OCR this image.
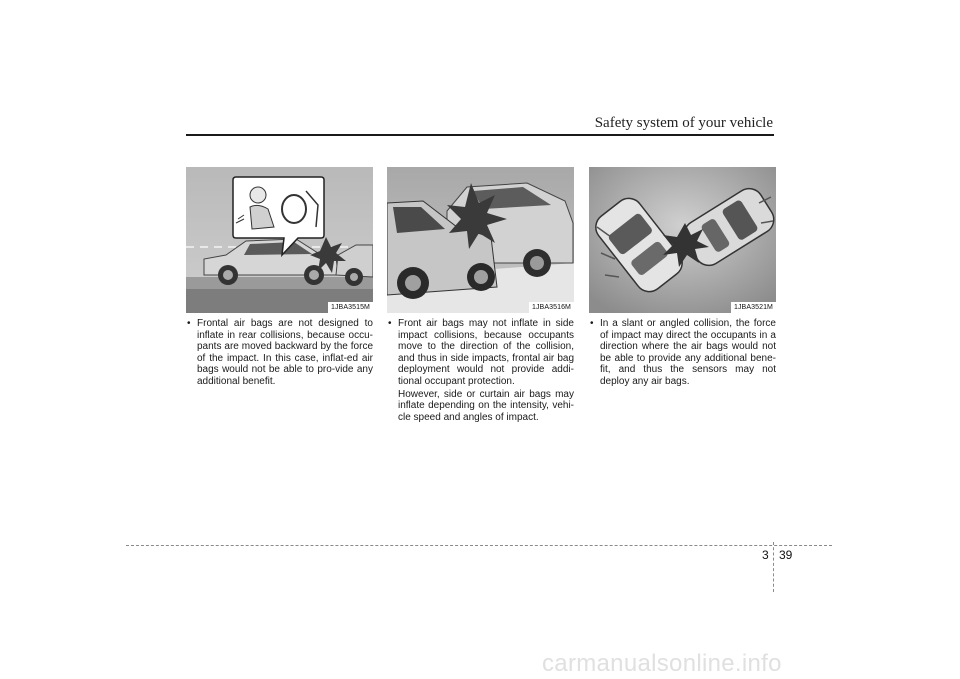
Safety system of your vehicle
1JBA3515M
• Frontal air bags are not designed to inflate in rear collisions, because occu-pants are moved backward by the force of the impact. In this case, inflat-ed air bags would not be able to pro-vide any additional benefit.
1JBA3516M
• Front air bags may not inflate in side impact collisions, because occupants move to the direction of the collision, and thus in side impacts, frontal air bag deployment would not provide addi-tional occupant protection.
However, side or curtain air bags may inflate depending on the intensity, vehi-cle speed and angles of impact.
1JBA3521M
• In a slant or angled collision, the force of impact may direct the occupants in a direction where the air bags would not be able to provide any additional bene-fit, and thus the sensors may not deploy any air bags.
3 39
carmanualsonline.info
